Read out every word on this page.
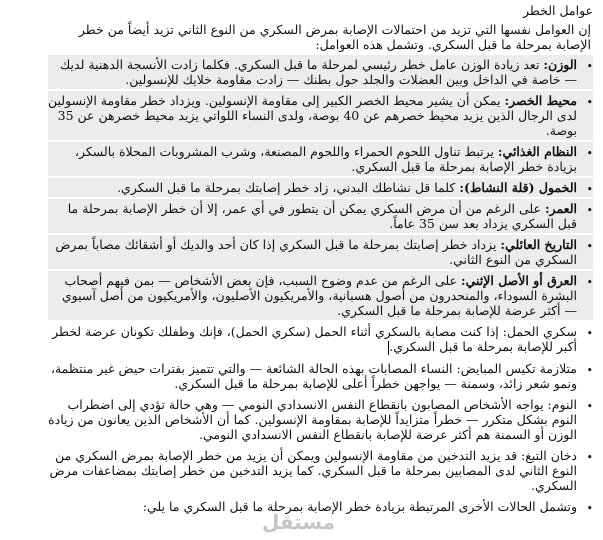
عوامل الخطر
إن العوامل نفسها التي تزيد من احتمالات الإصابة بمرض السكري من النوع الثاني تزيد أيضاً من خطر الإصابة بمرحلة ما قبل السكري. وتشمل هذه العوامل:
•
الوزن: تعد زيادة الوزن عامل خطر رئيسي لمرحلة ما قبل السكري. فكلما زادت الأنسجة الدهنية لديك — خاصة في الداخل وبين العضلات والجلد حول بطنك — زادت مقاومة خلايك للإنسولين.
•
محيط الخصر: يمكن أن يشير محيط الخصر الكبير إلى مقاومة الإنسولين. ويزداد خطر مقاومة الإنسولين لدى الرجال الذين يزيد محيط خصرهم عن 40 بوصة، ولدى النساء اللواتي يزيد محيط خصرهن عن 35 بوصة.
•
النظام الغذائي: يرتبط تناول اللحوم الحمراء واللحوم المصنعة، وشرب المشروبات المحلاة بالسكر، بزيادة خطر الإصابة بمرحلة ما قبل السكري.
•
الخمول (قلة النشاط): كلما قل نشاطك البدني، زاد خطر إصابتك بمرحلة ما قبل السكري.
•
العمر: على الرغم من أن مرض السكري يمكن أن يتطور في أي عمر، إلا أن خطر الإصابة بمرحلة ما قبل السكري يزداد بعد سن 35 عاماً.
•
التاريخ العائلي: يزداد خطر إصابتك بمرحلة ما قبل السكري إذا كان أحد والديك أو أشقائك مصاباً بمرض السكري من النوع الثاني.
•
العرق أو الأصل الإثني: على الرغم من عدم وضوح السبب، فإن بعض الأشخاص — بمن فيهم أصحاب البشرة السوداء، والمنحدرون من أصول هسبانية، والأمريكيون الأصليون، والأمريكيون من أصل آسيوي — أكثر عرضة للإصابة بمرحلة ما قبل السكري.
•
سكري الحمل: إذا كنت مصابة بالسكري أثناء الحمل (سكري الحمل)، فإنك وطفلك تكونان عرضة لخطر أكبر للإصابة بمرحلة ما قبل السكري.
•
متلازمة تكيس المبايض: النساء المصابات بهذه الحالة الشائعة — والتي تتميز بفترات حيض غير منتظمة، ونمو شعر زائد، وسمنة — يواجهن خطراً أعلى للإصابة بمرحلة ما قبل السكري.
•
النوم: يواجه الأشخاص المصابون بانقطاع النفس الانسدادي النومي — وهي حالة تؤدي إلى اضطراب النوم بشكل متكرر — خطراً متزايداً للإصابة بمقاومة الإنسولين. كما أن الأشخاص الذين يعانون من زيادة الوزن أو السمنة هم أكثر عرضة للإصابة بانقطاع النفس الانسدادي النومي.
•
دخان التبغ: قد يزيد التدخين من مقاومة الإنسولين ويمكن أن يزيد من خطر الإصابة بمرض السكري من النوع الثاني لدى المصابين بمرحلة ما قبل السكري. كما يزيد التدخين من خطر إصابتك بمضاعفات مرض السكري.
•
وتشمل الحالات الأخرى المرتبطة بزيادة خطر الإصابة بمرحلة ما قبل السكري ما يلي:
مستقل
